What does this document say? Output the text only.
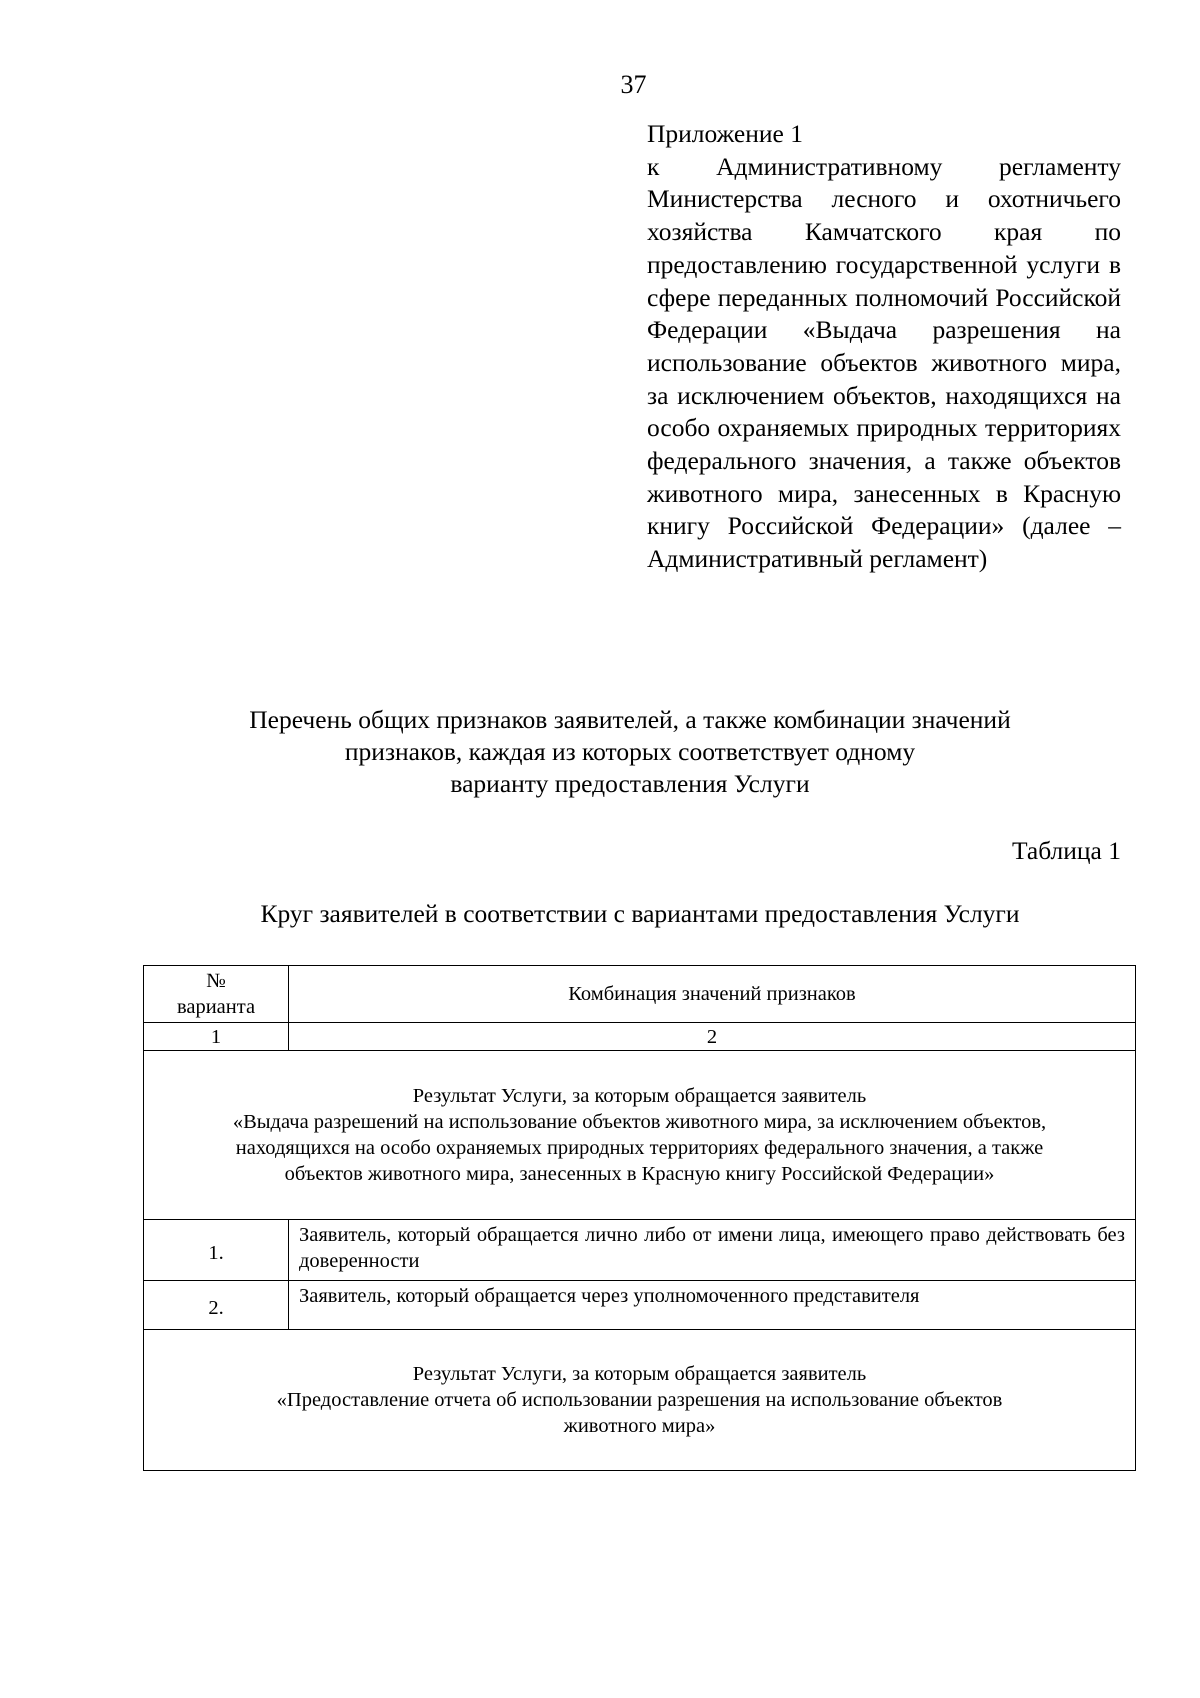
37
Приложение 1
к Административному регламенту Министерства лесного и охотничьего хозяйства Камчатского края по предоставлению государственной услуги в сфере переданных полномочий Российской Федерации «Выдача разрешения на использование объектов животного мира, за исключением объектов, находящихся на особо охраняемых природных территориях федерального значения, а также объектов животного мира, занесенных в Красную книгу Российской Федерации» (далее – Административный регламент)
Перечень общих признаков заявителей, а также комбинации значений
признаков, каждая из которых соответствует одному
варианту предоставления Услуги
Таблица 1
Круг заявителей в соответствии с вариантами предоставления Услуги
№
варианта	Комбинация значений признаков
1	2

Результат Услуги, за которым обращается заявитель
«Выдача разрешений на использование объектов животного мира, за исключением объектов,
находящихся на особо охраняемых природных территориях федерального значения, а также
объектов животного мира, занесенных в Красную книгу Российской Федерации»	

1.	Заявитель, который обращается лично либо от имени лица, имеющего право действовать без доверенности
2.	Заявитель, который обращается через уполномоченного представителя

Результат Услуги, за которым обращается заявитель
«Предоставление отчета об использовании разрешения на использование объектов
животного мира»	
